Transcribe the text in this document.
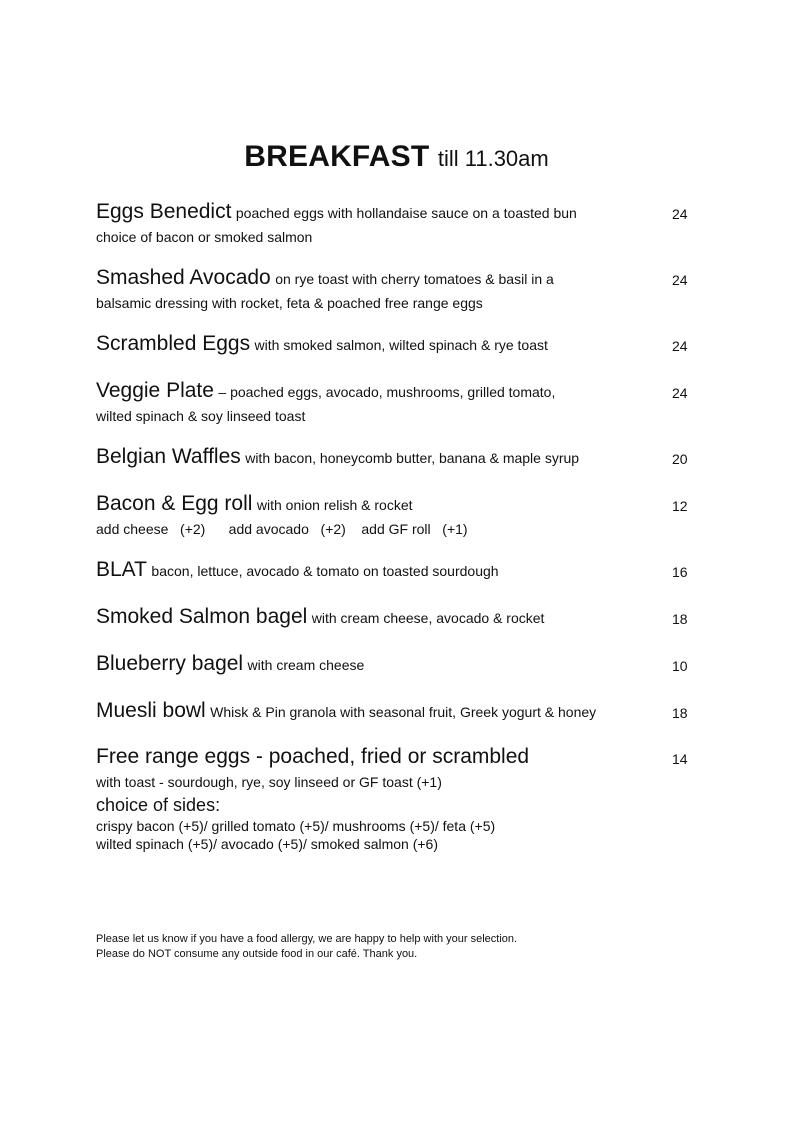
BREAKFAST till 11.30am
Eggs Benedict poached eggs with hollandaise sauce on a toasted bun	24
choice of bacon or smoked salmon
Smashed Avocado on rye toast with cherry tomatoes & basil in a	24
balsamic dressing with rocket, feta & poached free range eggs
Scrambled Eggs with smoked salmon, wilted spinach & rye toast	24
Veggie Plate – poached eggs, avocado, mushrooms, grilled tomato,	24
wilted spinach & soy linseed toast
Belgian Waffles with bacon, honeycomb butter, banana & maple syrup	20
Bacon & Egg roll with onion relish & rocket	12
add cheese   (+2)      add avocado   (+2)    add GF roll   (+1)
BLAT bacon, lettuce, avocado & tomato on toasted sourdough	16
Smoked Salmon bagel with cream cheese, avocado & rocket	18
Blueberry bagel with cream cheese	10
Muesli bowl Whisk & Pin granola with seasonal fruit, Greek yogurt & honey	18
Free range eggs - poached, fried or scrambled	14
with toast - sourdough, rye, soy linseed or GF toast (+1)
choice of sides:
crispy bacon (+5)/ grilled tomato (+5)/ mushrooms (+5)/ feta (+5)
wilted spinach (+5)/ avocado (+5)/ smoked salmon (+6)
Please let us know if you have a food allergy, we are happy to help with your selection.
Please do NOT consume any outside food in our café. Thank you.
